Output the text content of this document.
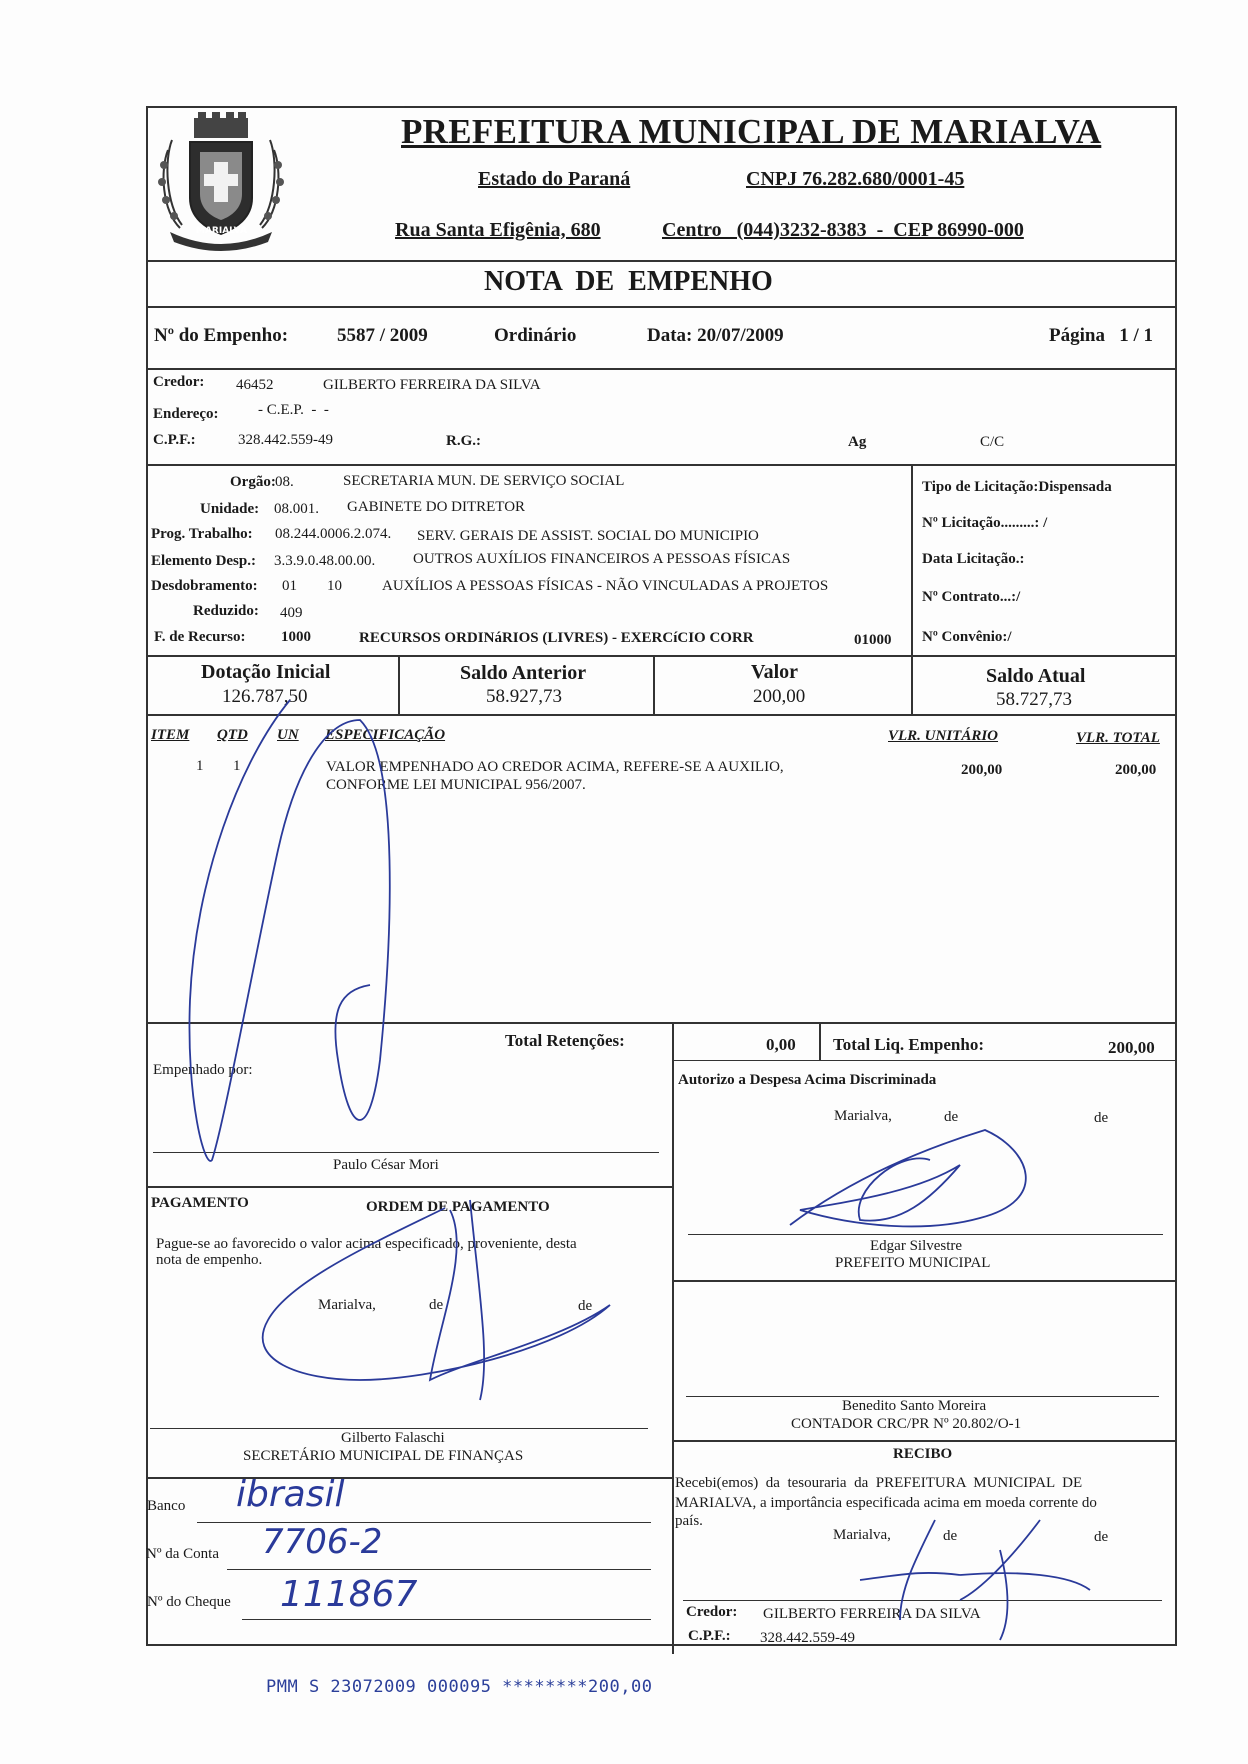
MARIALVA
PREFEITURA MUNICIPAL DE MARIALVA
Estado do Paraná	CNPJ 76.282.680/0001-45
Rua Santa Efigênia, 680	Centro   (044)3232-8383  -  CEP 86990-000
NOTA  DE  EMPENHO
Nº do Empenho:	5587 / 2009	Ordinário	Data: 20/07/2009	Página   1 / 1
Credor: 46452	GILBERTO FERREIRA DA SILVA
Endereço:	- C.E.P.  -  -
C.P.F.:	328.442.559-49	R.G.:	Ag	C/C
Orgão: 08.	SECRETARIA MUN. DE SERVIÇO SOCIAL
Unidade: 08.001. GABINETE DO DITRETOR
Prog. Trabalho: 08.244.0006.2.074. SERV. GERAIS DE ASSIST. SOCIAL DO MUNICIPIO
Elemento Desp.: 3.3.9.0.48.00.00.	OUTROS AUXÍLIOS FINANCEIROS A PESSOAS FÍSICAS
Desdobramento: 01 10	AUXÍLIOS A PESSOAS FÍSICAS - NÃO VINCULADAS A PROJETOS
Reduzido: 409
F. de Recurso: 1000	RECURSOS ORDINáRIOS (LIVRES) - EXERCíCIO CORR	01000
Tipo de Licitação:Dispensada
Nº Licitação.........: /
Data Licitação.:
Nº Contrato...:/
Nº Convênio:/
Dotação Inicial
126.787,50
Saldo Anterior
58.927,73
Valor
200,00
Saldo Atual
58.727,73
ITEM QTD UN ESPECIFICAÇÃO	VLR. UNITÁRIO	VLR. TOTAL
1 1	VALOR EMPENHADO AO CREDOR ACIMA, REFERE-SE A AUXILIO,
CONFORME LEI MUNICIPAL 956/2007.
200,00	200,00
Total Retenções:	0,00 Total Liq. Empenho:	200,00
Empenhado por:
Paulo César Mori
Autorizo a Despesa Acima Discriminada
Marialva,	de	de
Edgar Silvestre
PREFEITO MUNICIPAL
PAGAMENTO	ORDEM DE PAGAMENTO
Pague-se ao favorecido o valor acima especificado, proveniente, desta
nota de empenho.
Marialva,	de	de
Gilberto Falaschi
SECRETÁRIO MUNICIPAL DE FINANÇAS
Benedito Santo Moreira
CONTADOR CRC/PR Nº 20.802/O-1
RECIBO
Recebi(emos)  da  tesouraria  da  PREFEITURA  MUNICIPAL  DE
MARIALVA, a importância especificada acima em moeda corrente do
país.
Marialva,	de	de
Credor: GILBERTO FERREIRA DA SILVA
C.P.F.: 328.442.559-49
Banco ibrasil
Nº da Conta 7706-2
Nº do Cheque 111867
PMM S 23072009 000095 ********200,00
